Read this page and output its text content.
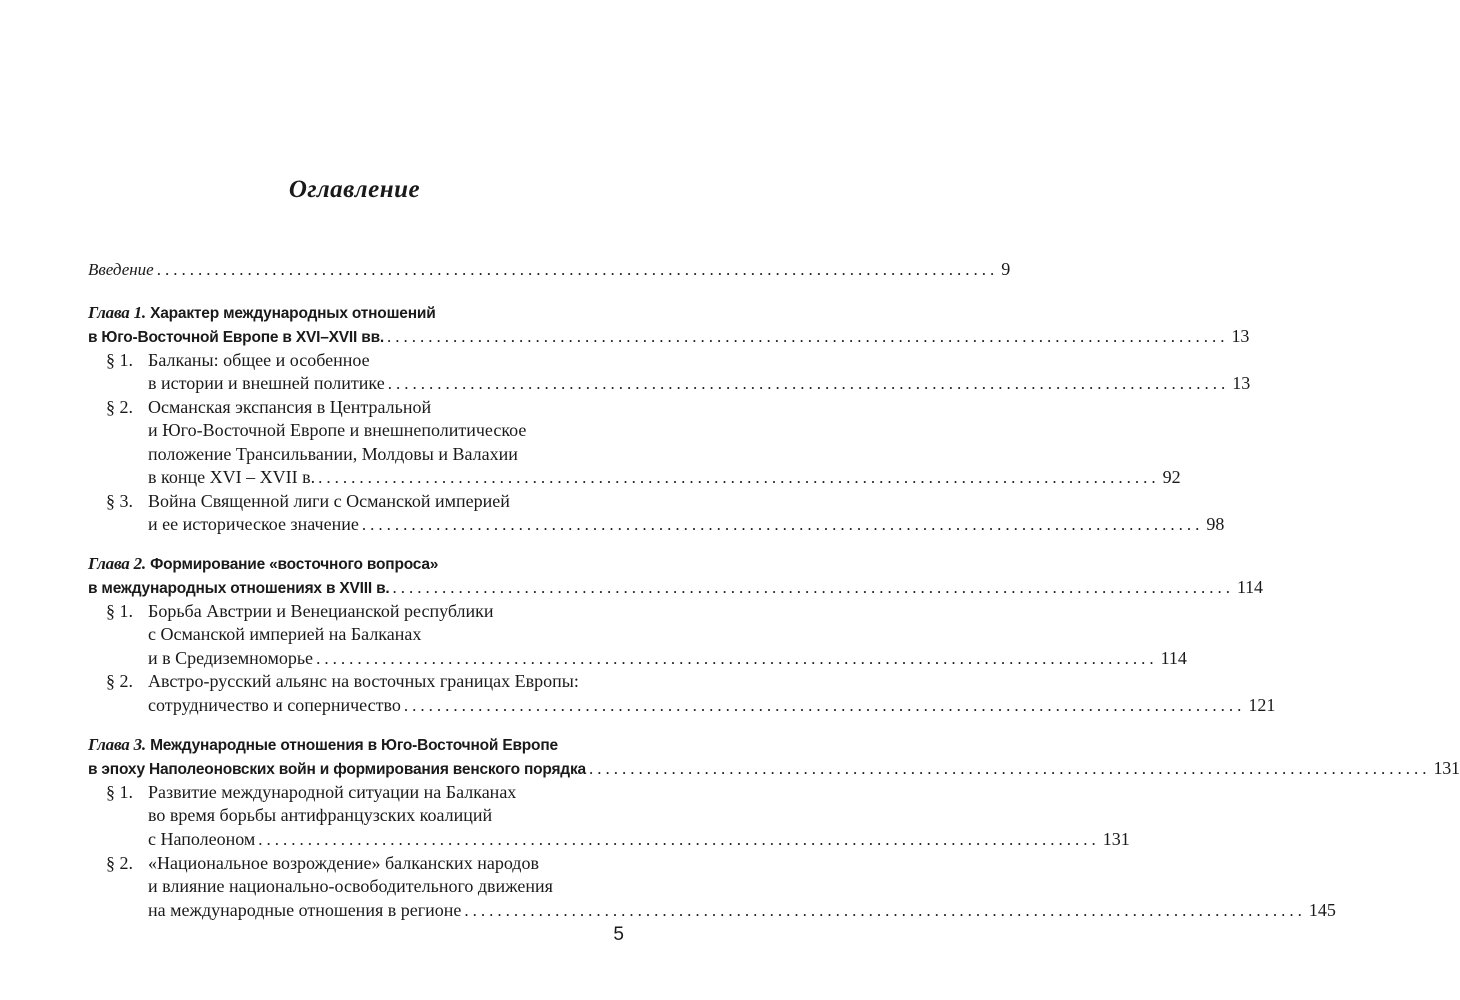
Оглавление
Введение ...................................................................................................... 9
Глава 1. Характер международных отношений
в Юго-Восточной Европе в XVI–XVII вв. ...................................................................................................... 13
§ 1. Балканы: общее и особенное
в истории и внешней политике ...................................................................................................... 13
§ 2. Османская экспансия в Центральной
и Юго-Восточной Европе и внешнеполитическое
положение Трансильвании, Молдовы и Валахии
в конце XVI – XVII в. ...................................................................................................... 92
§ 3. Война Священной лиги с Османской империей
и ее историческое значение ...................................................................................................... 98
Глава 2. Формирование «восточного вопроса»
в международных отношениях в XVIII в. ...................................................................................................... 114
§ 1. Борьба Австрии и Венецианской республики
с Османской империей на Балканах
и в Средиземноморье ...................................................................................................... 114
§ 2. Австро-русский альянс на восточных границах Европы:
сотрудничество и соперничество ...................................................................................................... 121
Глава 3. Международные отношения в Юго-Восточной Европе
в эпоху Наполеоновских войн и формирования венского порядка ...................................................................................................... 131
§ 1. Развитие международной ситуации на Балканах
во время борьбы антифранцузских коалиций
с Наполеоном ...................................................................................................... 131
§ 2. «Национальное возрождение» балканских народов
и влияние национально-освободительного движения
на международные отношения в регионе ...................................................................................................... 145
5
